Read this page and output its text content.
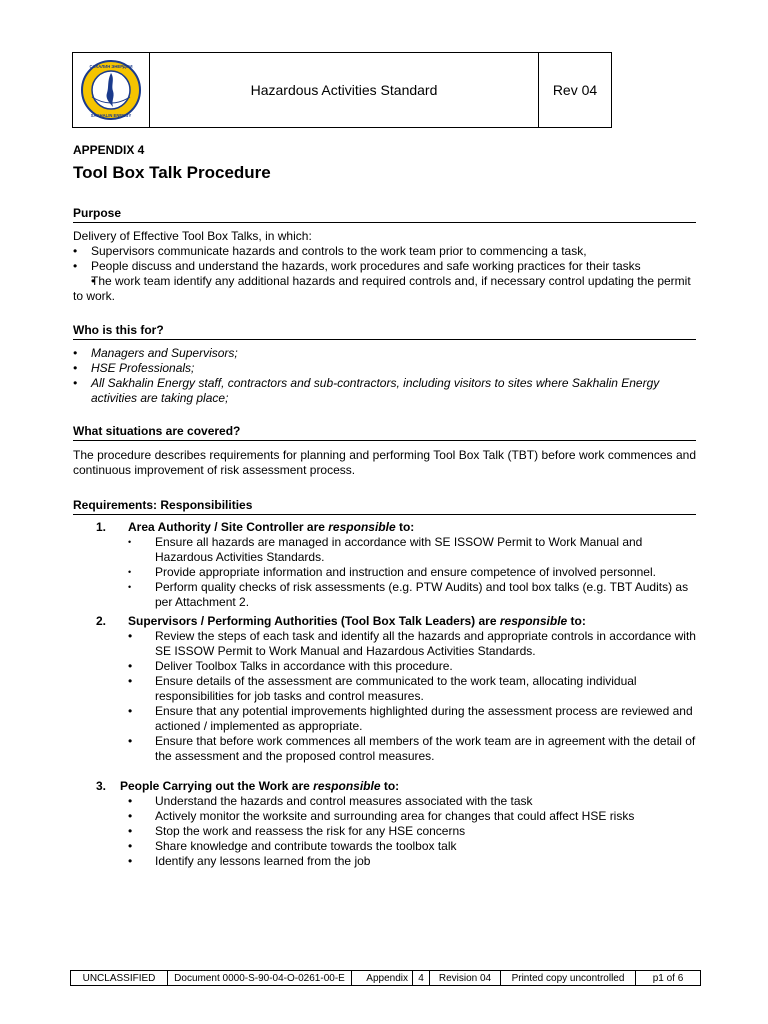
САХАЛИН ЭНЕРДЖИ
SAKHALIN ENERGY
Hazardous Activities Standard	Rev 04
APPENDIX 4
Tool Box Talk Procedure
Purpose
Delivery of Effective Tool Box Talks, in which:
• Supervisors communicate hazards and controls to the work team prior to commencing a task,
• People discuss and understand the hazards, work procedures and safe working practices for their tasks
• The work team identify any additional hazards and required controls and, if necessary control updating the permit to work.
Who is this for?
• Managers and Supervisors;
• HSE Professionals;
• All Sakhalin Energy staff, contractors and sub-contractors, including visitors to sites where Sakhalin Energy activities are taking place;
What situations are covered?
The procedure describes requirements for planning and performing Tool Box Talk (TBT) before work commences and continuous improvement of risk assessment process.
Requirements: Responsibilities
1. Area Authority / Site Controller are responsible to:
• Ensure all hazards are managed in accordance with SE ISSOW Permit to Work Manual and Hazardous Activities Standards.
• Provide appropriate information and instruction and ensure competence of involved personnel.
• Perform quality checks of risk assessments (e.g. PTW Audits) and tool box talks (e.g. TBT Audits) as per Attachment 2.
2. Supervisors / Performing Authorities (Tool Box Talk Leaders) are responsible to:
• Review the steps of each task and identify all the hazards and appropriate controls in accordance with SE ISSOW Permit to Work Manual and Hazardous Activities Standards.
• Deliver Toolbox Talks in accordance with this procedure.
• Ensure details of the assessment are communicated to the work team, allocating individual responsibilities for job tasks and control measures.
• Ensure that any potential improvements highlighted during the assessment process are reviewed and actioned / implemented as appropriate.
• Ensure that before work commences all members of the work team are in agreement with the detail of the assessment and the proposed control measures.
3. People Carrying out the Work are responsible to:
• Understand the hazards and control measures associated with the task
• Actively monitor the worksite and surrounding area for changes that could affect HSE risks
• Stop the work and reassess the risk for any HSE concerns
• Share knowledge and contribute towards the toolbox talk
• Identify any lessons learned from the job
UNCLASSIFIED	Document 0000-S-90-04-O-0261-00-E	Appendix	4	Revision 04	Printed copy uncontrolled	p1 of 6
